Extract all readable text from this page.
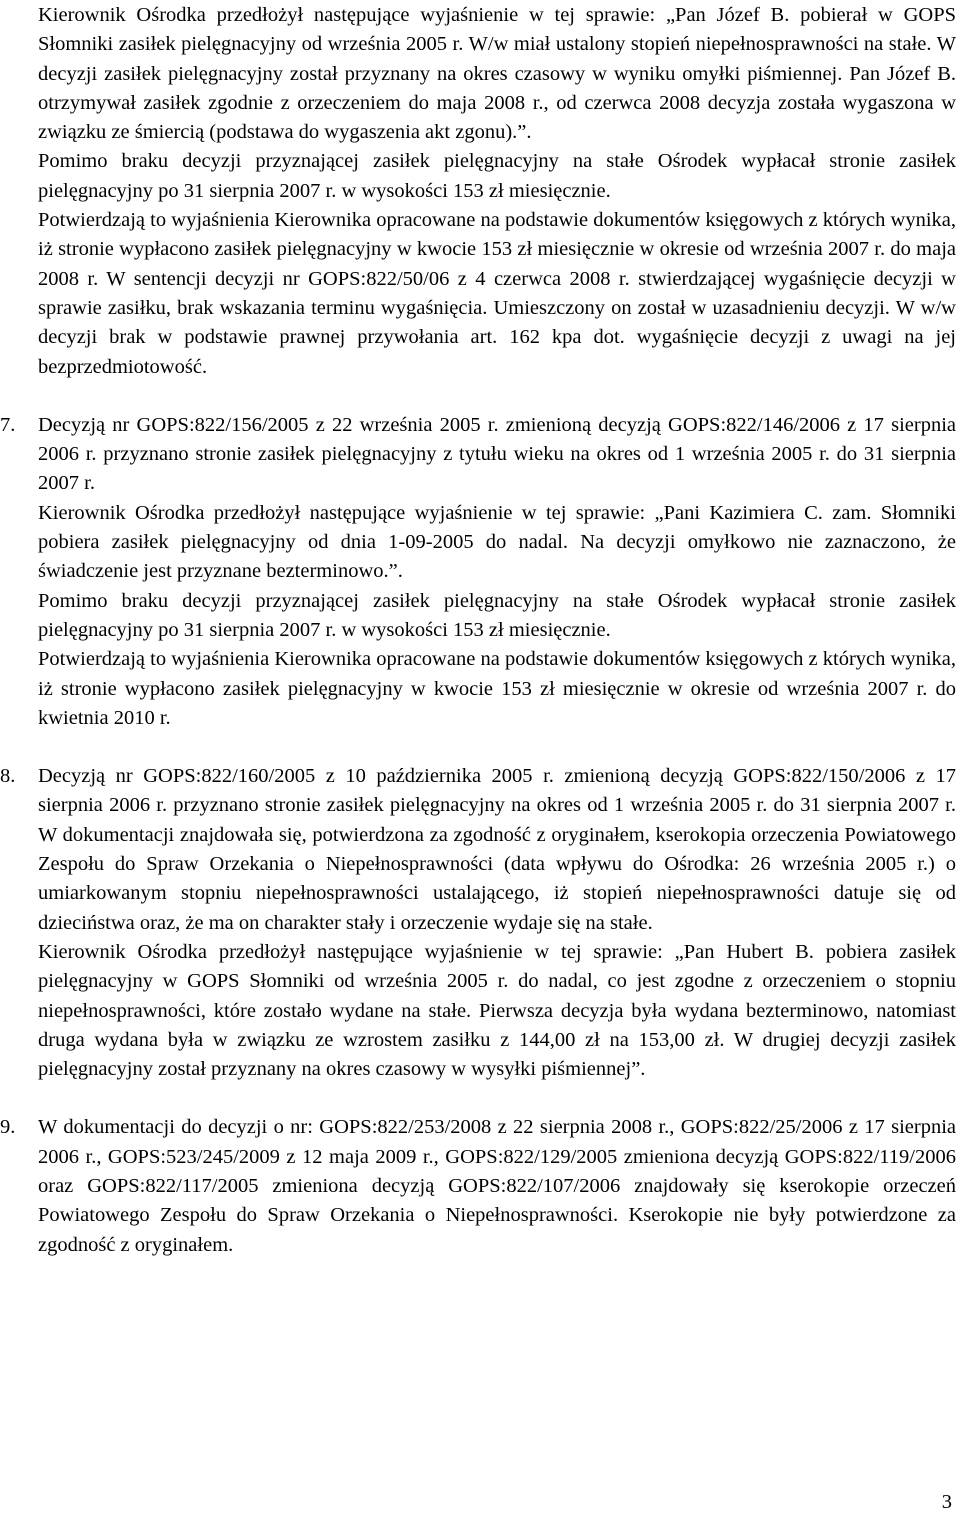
Kierownik Ośrodka przedłożył następujące wyjaśnienie w tej sprawie: „Pan Józef B. pobierał w GOPS Słomniki zasiłek pielęgnacyjny od września 2005 r. W/w miał ustalony stopień niepełnosprawności na stałe. W decyzji zasiłek pielęgnacyjny został przyznany na okres czasowy w wyniku omyłki piśmiennej. Pan Józef B. otrzymywał zasiłek zgodnie z orzeczeniem do maja 2008 r., od czerwca 2008 decyzja została wygaszona w związku ze śmiercią (podstawa do wygaszenia akt zgonu).”.

Pomimo braku decyzji przyznającej zasiłek pielęgnacyjny na stałe Ośrodek wypłacał stronie zasiłek pielęgnacyjny po 31 sierpnia 2007 r. w wysokości 153 zł miesięcznie.

Potwierdzają to wyjaśnienia Kierownika opracowane na podstawie dokumentów księgowych z których wynika, iż stronie wypłacono zasiłek pielęgnacyjny w kwocie 153 zł miesięcznie w okresie od września 2007 r. do maja 2008 r. W sentencji decyzji nr GOPS:822/50/06 z 4 czerwca 2008 r. stwierdzającej wygaśnięcie decyzji w sprawie zasiłku, brak wskazania terminu wygaśnięcia. Umieszczony on został w uzasadnieniu decyzji. W w/w decyzji brak w podstawie prawnej przywołania art. 162 kpa dot. wygaśnięcie decyzji z uwagi na jej bezprzedmiotowość.

7.	Decyzją nr GOPS:822/156/2005 z 22 września 2005 r. zmienioną decyzją GOPS:822/146/2006 z 17 sierpnia 2006 r. przyznano stronie zasiłek pielęgnacyjny z tytułu wieku na okres od 1 września 2005 r. do 31 sierpnia 2007 r.

Kierownik Ośrodka przedłożył następujące wyjaśnienie w tej sprawie: „Pani Kazimiera C. zam. Słomniki pobiera zasiłek pielęgnacyjny od dnia 1-09-2005 do nadal. Na decyzji omyłkowo nie zaznaczono, że świadczenie jest przyznane bezterminowo.”.

Pomimo braku decyzji przyznającej zasiłek pielęgnacyjny na stałe Ośrodek wypłacał stronie zasiłek pielęgnacyjny po 31 sierpnia 2007 r. w wysokości 153 zł miesięcznie.

Potwierdzają to wyjaśnienia Kierownika opracowane na podstawie dokumentów księgowych z których wynika, iż stronie wypłacono zasiłek pielęgnacyjny w kwocie 153 zł miesięcznie w okresie od września 2007 r. do kwietnia 2010 r.

8.	Decyzją nr GOPS:822/160/2005 z 10 października 2005 r. zmienioną decyzją GOPS:822/150/2006 z 17 sierpnia 2006 r. przyznano stronie zasiłek pielęgnacyjny na okres od 1 września 2005 r. do 31 sierpnia 2007 r. W dokumentacji znajdowała się, potwierdzona za zgodność z oryginałem, kserokopia orzeczenia Powiatowego Zespołu do Spraw Orzekania o Niepełnosprawności (data wpływu do Ośrodka: 26 września 2005 r.) o umiarkowanym stopniu niepełnosprawności ustalającego, iż stopień niepełnosprawności datuje się od dzieciństwa oraz, że ma on charakter stały i orzeczenie wydaje się na stałe.

Kierownik Ośrodka przedłożył następujące wyjaśnienie w tej sprawie: „Pan Hubert B. pobiera zasiłek pielęgnacyjny w GOPS Słomniki od września 2005 r. do nadal, co jest zgodne z orzeczeniem o stopniu niepełnosprawności, które zostało wydane na stałe. Pierwsza decyzja była wydana bezterminowo, natomiast druga wydana była w związku ze wzrostem zasiłku z 144,00 zł na 153,00 zł. W drugiej decyzji zasiłek pielęgnacyjny został przyznany na okres czasowy w wysyłki piśmiennej”.

9.	W dokumentacji do decyzji o nr: GOPS:822/253/2008 z 22 sierpnia 2008 r., GOPS:822/25/2006 z 17 sierpnia 2006 r., GOPS:523/245/2009 z 12 maja 2009 r., GOPS:822/129/2005 zmieniona decyzją GOPS:822/119/2006 oraz GOPS:822/117/2005 zmieniona decyzją GOPS:822/107/2006 znajdowały się kserokopie orzeczeń Powiatowego Zespołu do Spraw Orzekania o Niepełnosprawności. Kserokopie nie były potwierdzone za zgodność z oryginałem.

3
